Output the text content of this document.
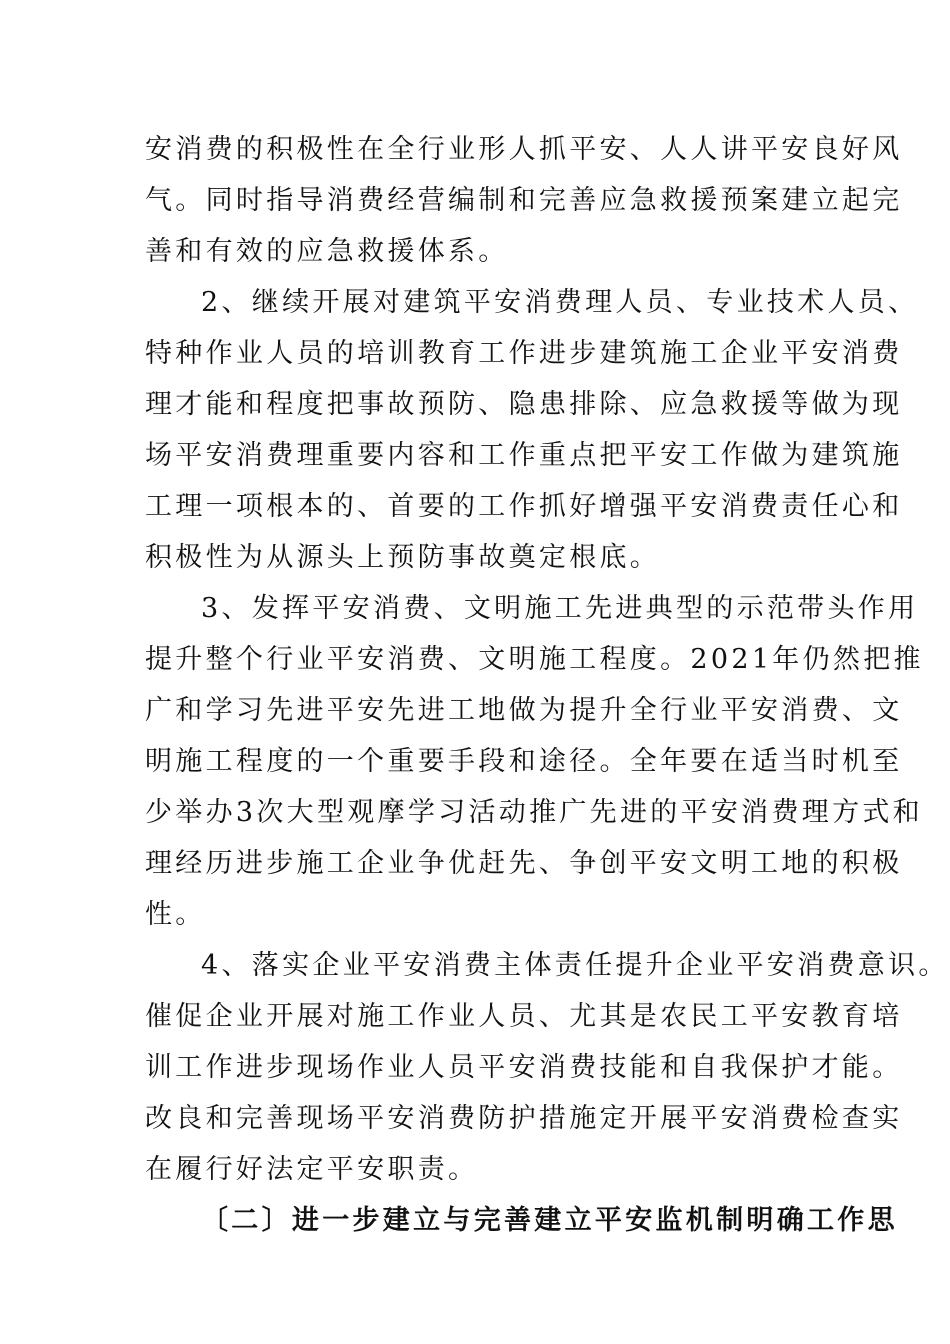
安消费的积极性在全行业形人抓平安、人人讲平安良好风
气。同时指导消费经营编制和完善应急救援预案建立起完
善和有效的应急救援体系。
2、继续开展对建筑平安消费理人员、专业技术人员、
特种作业人员的培训教育工作进步建筑施工企业平安消费
理才能和程度把事故预防、隐患排除、应急救援等做为现
场平安消费理重要内容和工作重点把平安工作做为建筑施
工理一项根本的、首要的工作抓好增强平安消费责任心和
积极性为从源头上预防事故奠定根底。
3、发挥平安消费、文明施工先进典型的示范带头作用
提升整个行业平安消费、文明施工程度。2021年仍然把推
广和学习先进平安先进工地做为提升全行业平安消费、文
明施工程度的一个重要手段和途径。全年要在适当时机至
少举办3次大型观摩学习活动推广先进的平安消费理方式和
理经历进步施工企业争优赶先、争创平安文明工地的积极
性。
4、落实企业平安消费主体责任提升企业平安消费意识。
催促企业开展对施工作业人员、尤其是农民工平安教育培
训工作进步现场作业人员平安消费技能和自我保护才能。
改良和完善现场平安消费防护措施定开展平安消费检查实
在履行好法定平安职责。
〔二〕进一步建立与完善建立平安监机制明确工作思
